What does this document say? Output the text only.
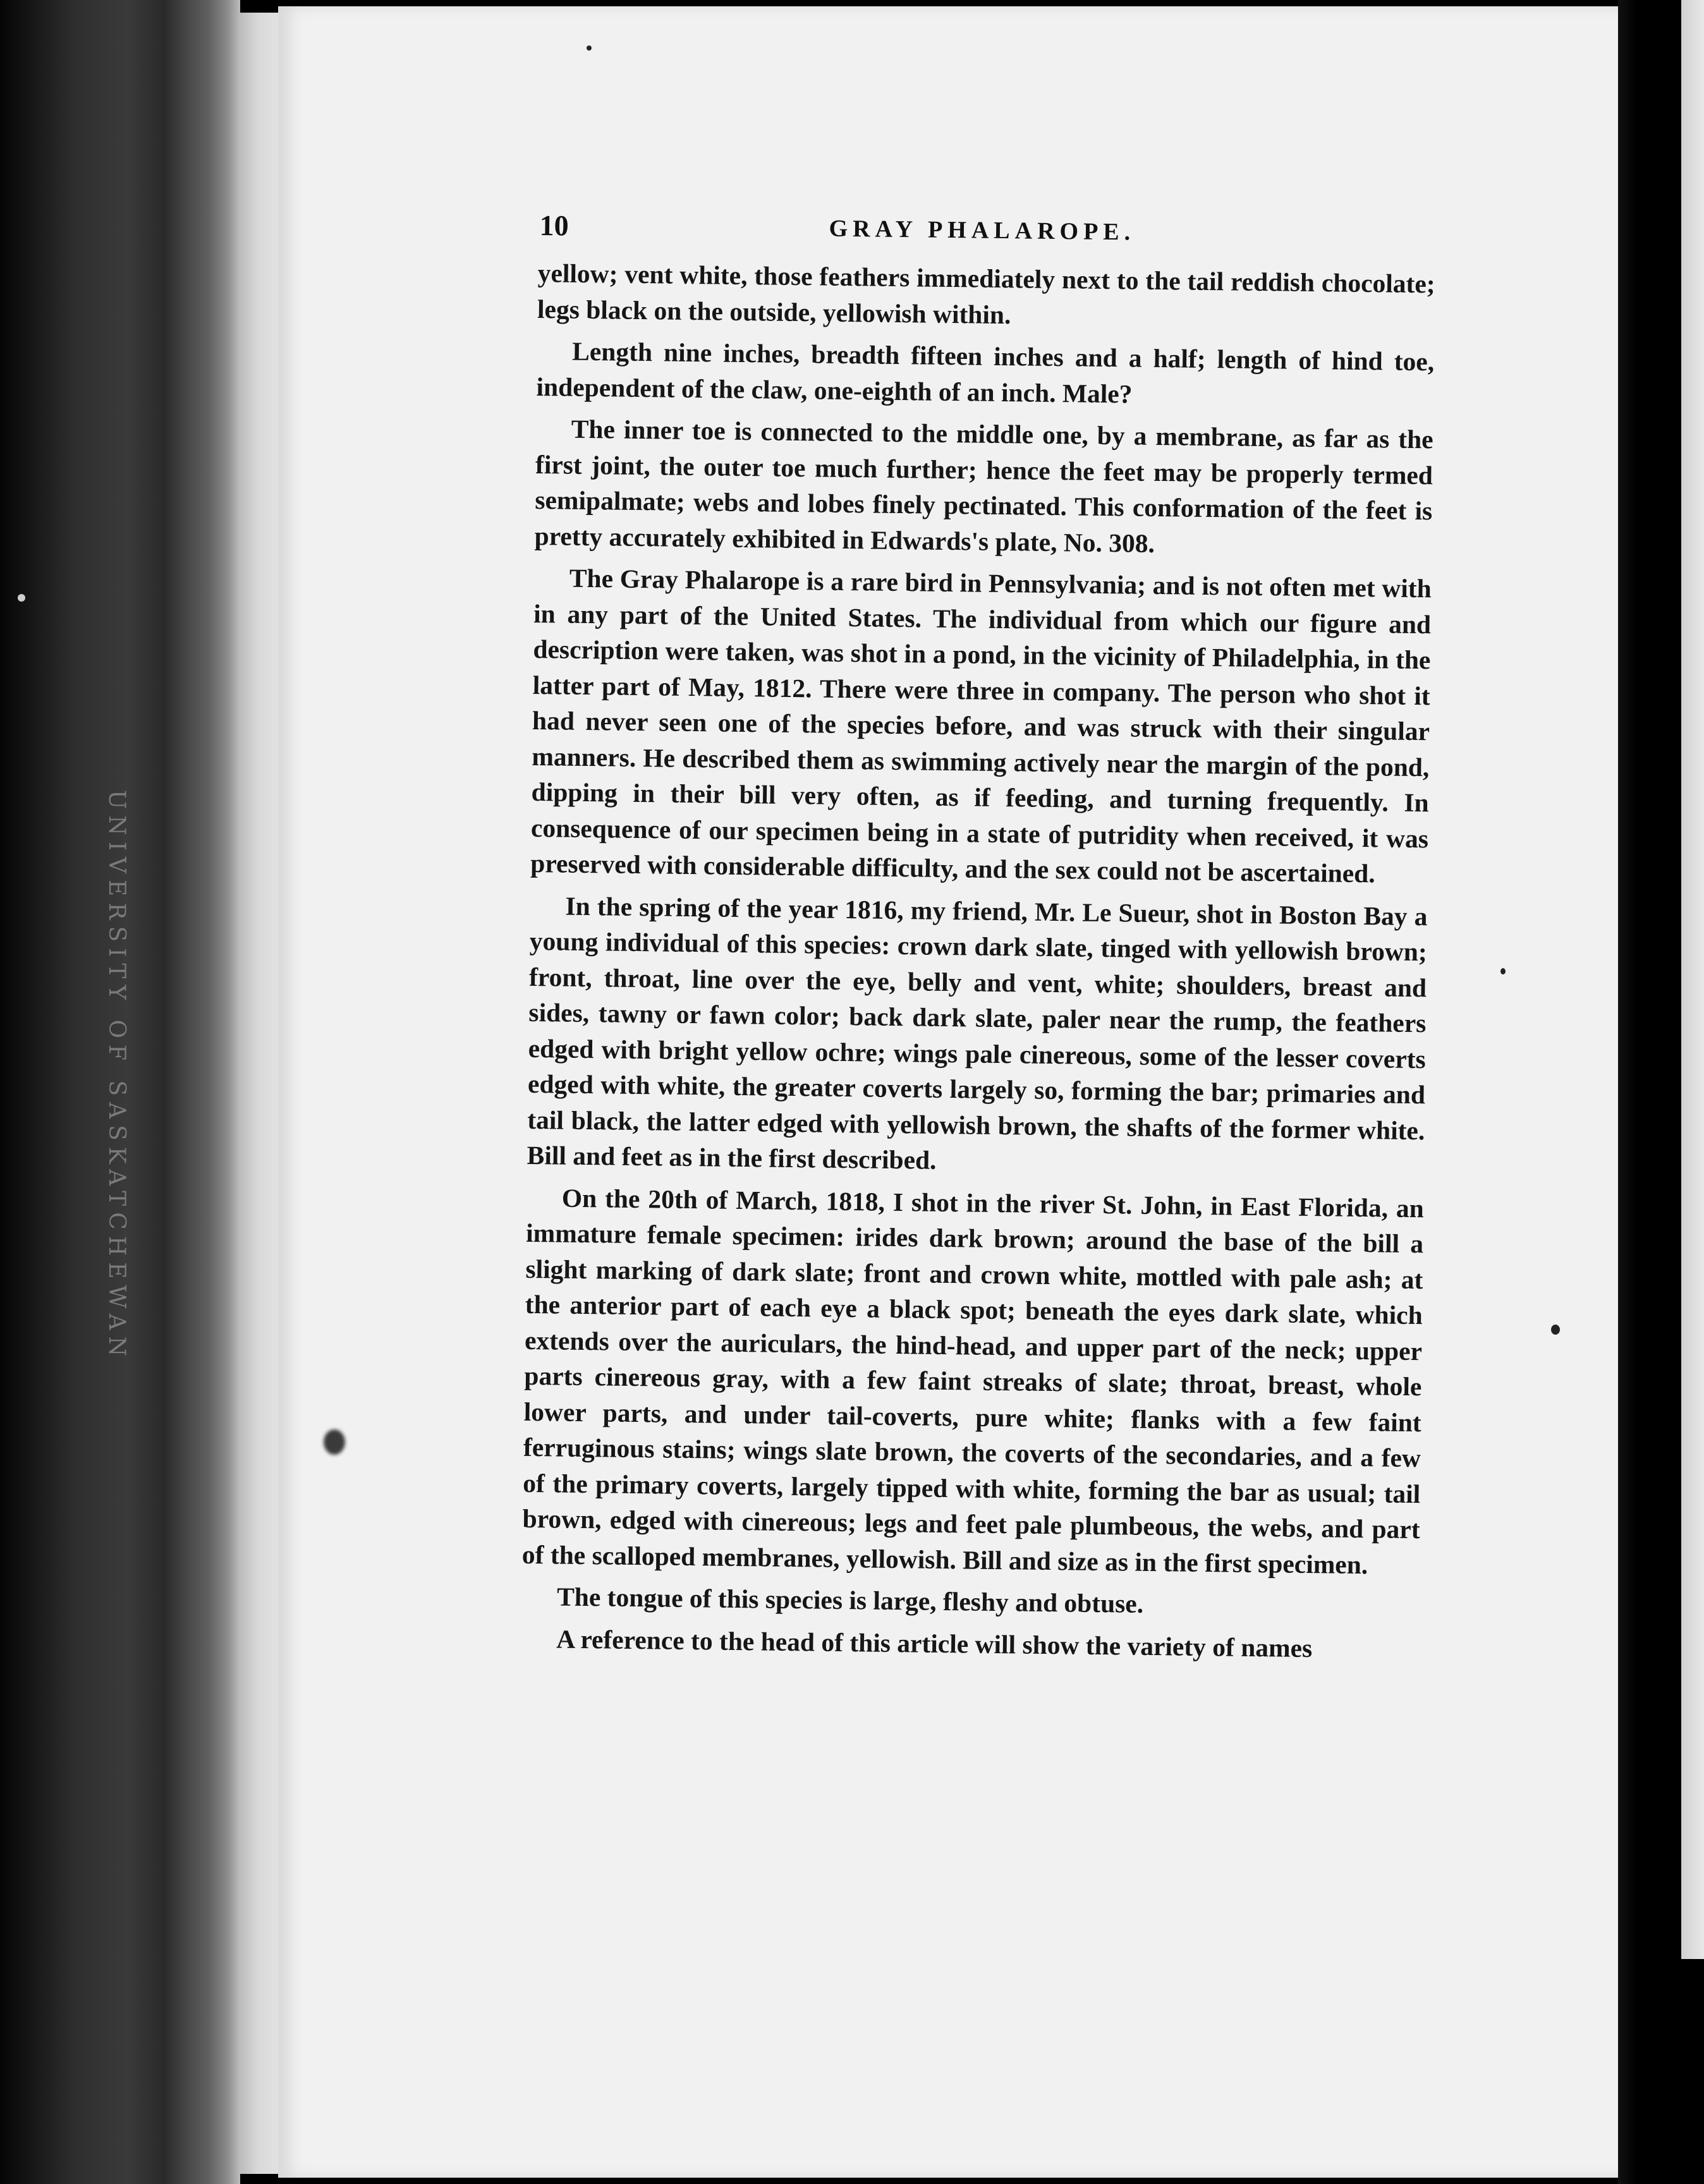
UNIVERSITY OF SASKATCHEWAN
10	GRAY PHALAROPE.

yellow; vent white, those feathers immediately next to the tail reddish chocolate; legs black on the outside, yellowish within.

Length nine inches, breadth fifteen inches and a half; length of hind toe, independent of the claw, one-eighth of an inch. Male?

The inner toe is connected to the middle one, by a membrane, as far as the first joint, the outer toe much further; hence the feet may be properly termed semipalmate; webs and lobes finely pectinated. This conformation of the feet is pretty accurately exhibited in Edwards's plate, No. 308.

The Gray Phalarope is a rare bird in Pennsylvania; and is not often met with in any part of the United States. The individual from which our figure and description were taken, was shot in a pond, in the vicinity of Philadelphia, in the latter part of May, 1812. There were three in company. The person who shot it had never seen one of the species before, and was struck with their singular manners. He described them as swimming actively near the margin of the pond, dipping in their bill very often, as if feeding, and turning frequently. In consequence of our specimen being in a state of putridity when received, it was preserved with considerable difficulty, and the sex could not be ascertained.

In the spring of the year 1816, my friend, Mr. Le Sueur, shot in Boston Bay a young individual of this species: crown dark slate, tinged with yellowish brown; front, throat, line over the eye, belly and vent, white; shoulders, breast and sides, tawny or fawn color; back dark slate, paler near the rump, the feathers edged with bright yellow ochre; wings pale cinereous, some of the lesser coverts edged with white, the greater coverts largely so, forming the bar; primaries and tail black, the latter edged with yellowish brown, the shafts of the former white. Bill and feet as in the first described.

On the 20th of March, 1818, I shot in the river St. John, in East Florida, an immature female specimen: irides dark brown; around the base of the bill a slight marking of dark slate; front and crown white, mottled with pale ash; at the anterior part of each eye a black spot; beneath the eyes dark slate, which extends over the auriculars, the hind-head, and upper part of the neck; upper parts cinereous gray, with a few faint streaks of slate; throat, breast, whole lower parts, and under tail-coverts, pure white; flanks with a few faint ferruginous stains; wings slate brown, the coverts of the secondaries, and a few of the primary coverts, largely tipped with white, forming the bar as usual; tail brown, edged with cinereous; legs and feet pale plumbeous, the webs, and part of the scalloped membranes, yellowish. Bill and size as in the first specimen.

The tongue of this species is large, fleshy and obtuse.

A reference to the head of this article will show the variety of names
